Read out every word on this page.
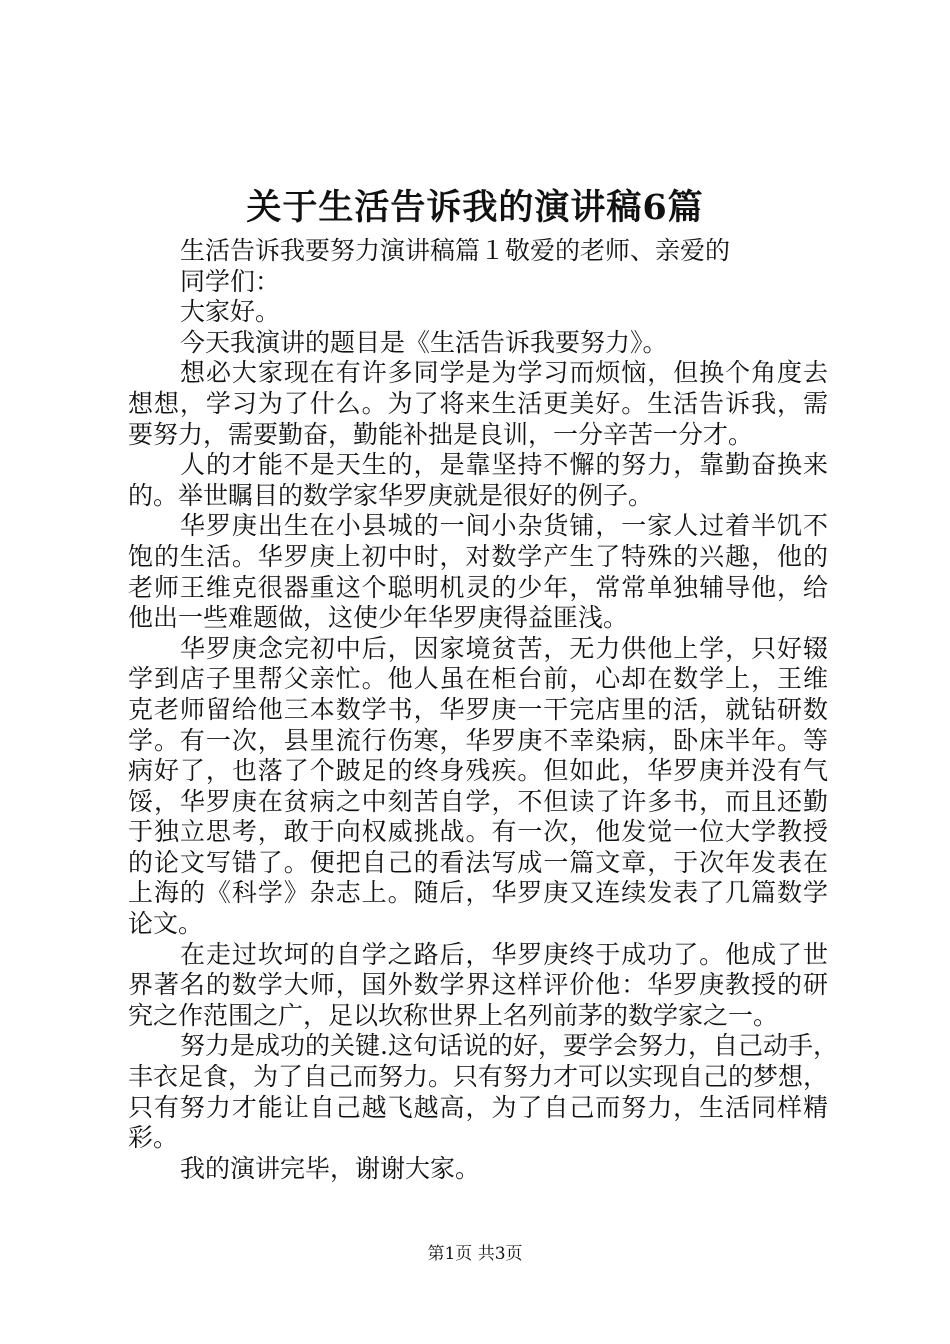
关于生活告诉我的演讲稿6篇
生活告诉我要努力演讲稿篇１敬爱的老师、亲爱的
同学们：
大家好。
今天我演讲的题目是《生活告诉我要努力》。
想必大家现在有许多同学是为学习而烦恼，但换个角度去
想想，学习为了什么。为了将来生活更美好。生活告诉我，需
要努力，需要勤奋，勤能补拙是良训，一分辛苦一分才。
人的才能不是天生的，是靠坚持不懈的努力，靠勤奋换来
的。举世瞩目的数学家华罗庚就是很好的例子。
华罗庚出生在小县城的一间小杂货铺，一家人过着半饥不
饱的生活。华罗庚上初中时，对数学产生了特殊的兴趣，他的
老师王维克很器重这个聪明机灵的少年，常常单独辅导他，给
他出一些难题做，这使少年华罗庚得益匪浅。
华罗庚念完初中后，因家境贫苦，无力供他上学，只好辍
学到店子里帮父亲忙。他人虽在柜台前，心却在数学上，王维
克老师留给他三本数学书，华罗庚一干完店里的活，就钻研数
学。有一次，县里流行伤寒，华罗庚不幸染病，卧床半年。等
病好了，也落了个跛足的终身残疾。但如此，华罗庚并没有气
馁，华罗庚在贫病之中刻苦自学，不但读了许多书，而且还勤
于独立思考，敢于向权威挑战。有一次，他发觉一位大学教授
的论文写错了。便把自己的看法写成一篇文章，于次年发表在
上海的《科学》杂志上。随后，华罗庚又连续发表了几篇数学
论文。
在走过坎坷的自学之路后，华罗庚终于成功了。他成了世
界著名的数学大师，国外数学界这样评价他：华罗庚教授的研
究之作范围之广，足以坎称世界上名列前茅的数学家之一。
努力是成功的关键.这句话说的好，要学会努力，自己动手，
丰衣足食，为了自己而努力。只有努力才可以实现自己的梦想，
只有努力才能让自己越飞越高，为了自己而努力，生活同样精
彩。
我的演讲完毕，谢谢大家。
第1页 共3页
